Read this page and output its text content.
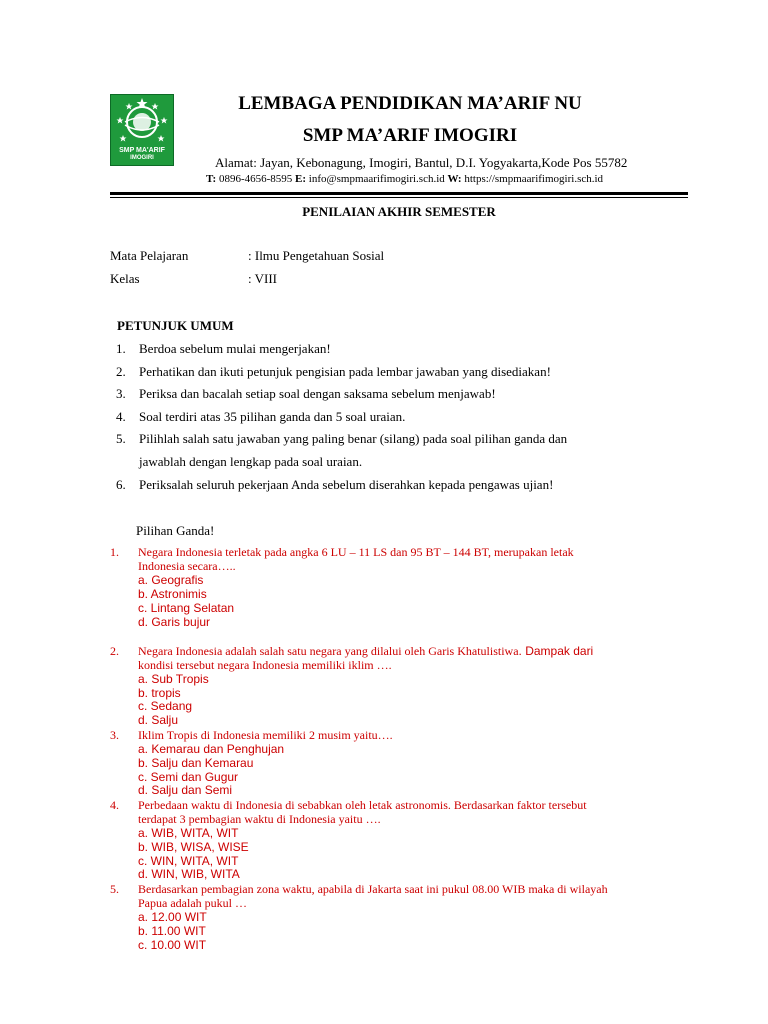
SMP MA'ARIF
IMOGIRI
LEMBAGA PENDIDIKAN MA’ARIF NU
SMP MA’ARIF IMOGIRI
Alamat: Jayan, Kebonagung, Imogiri, Bantul, D.I. Yogyakarta,Kode Pos 55782
T: 0896-4656-8595 E: info@smpmaarifimogiri.sch.id W: https://smpmaarifimogiri.sch.id
PENILAIAN AKHIR SEMESTER
Mata Pelajaran	: Ilmu Pengetahuan Sosial
Kelas	: VIII
PETUNJUK UMUM
1. Berdoa sebelum mulai mengerjakan!
2. Perhatikan dan ikuti petunjuk pengisian pada lembar jawaban yang disediakan!
3. Periksa dan bacalah setiap soal dengan saksama sebelum menjawab!
4. Soal terdiri atas 35 pilihan ganda dan 5 soal uraian.
5. Pilihlah salah satu jawaban yang paling benar (silang) pada soal pilihan ganda dan
jawablah dengan lengkap pada soal uraian.
6. Periksalah seluruh pekerjaan Anda sebelum diserahkan kepada pengawas ujian!
Pilihan Ganda!
1. Negara Indonesia terletak pada angka 6 LU – 11 LS dan 95 BT – 144 BT, merupakan letak
Indonesia secara…..
a. Geografis
b. Astronimis
c. Lintang Selatan
d. Garis bujur
2. Negara Indonesia adalah salah satu negara yang dilalui oleh Garis Khatulistiwa. Dampak dari
kondisi tersebut negara Indonesia memiliki iklim ….
a. Sub Tropis
b. tropis
c. Sedang
d. Salju
3. Iklim Tropis di Indonesia memiliki 2 musim yaitu….
a. Kemarau dan Penghujan
b. Salju dan Kemarau
c. Semi dan Gugur
d. Salju dan Semi
4. Perbedaan waktu di Indonesia di sebabkan oleh letak astronomis. Berdasarkan faktor tersebut
terdapat 3 pembagian waktu di Indonesia yaitu ….
a. WIB, WITA, WIT
b. WIB, WISA, WISE
c. WIN, WITA, WIT
d. WIN, WIB, WITA
5. Berdasarkan pembagian zona waktu, apabila di Jakarta saat ini pukul 08.00 WIB maka di wilayah
Papua adalah pukul …
a. 12.00 WIT
b. 11.00 WIT
c. 10.00 WIT
